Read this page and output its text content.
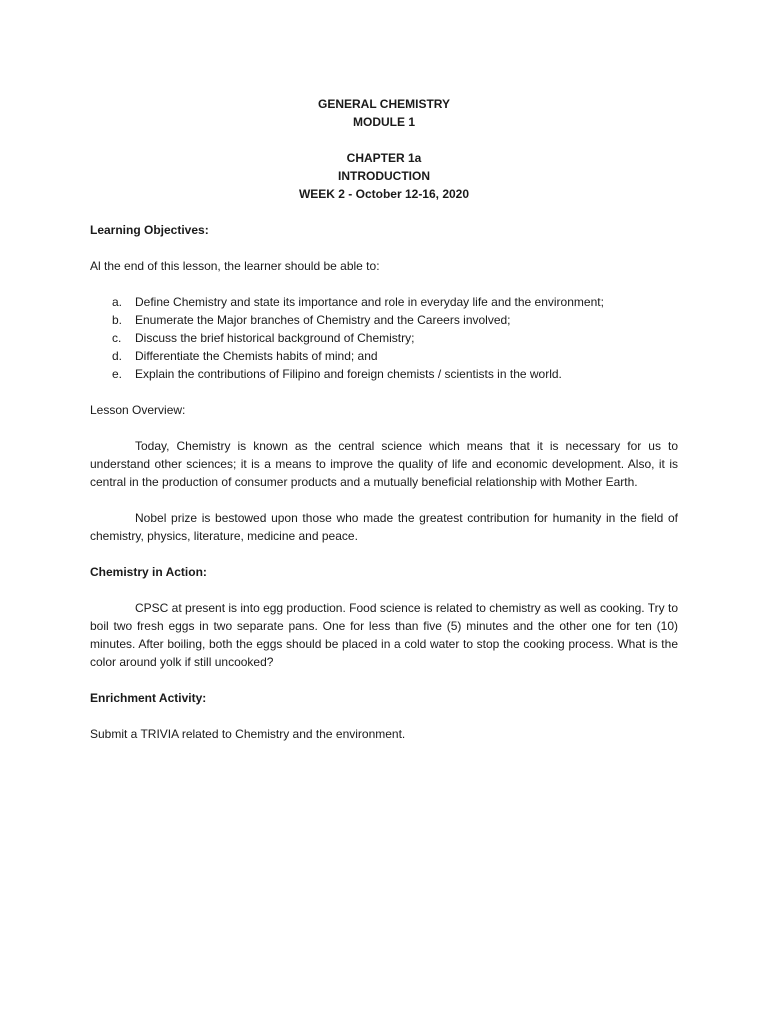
GENERAL CHEMISTRY
MODULE 1
CHAPTER 1a
INTRODUCTION
WEEK 2 - October 12-16, 2020
Learning Objectives:

Al the end of this lesson, the learner should be able to:

a. Define Chemistry and state its importance and role in everyday life and the environment;
b. Enumerate the Major branches of Chemistry and the Careers involved;
c. Discuss the brief historical background of Chemistry;
d. Differentiate the Chemists habits of mind; and
e. Explain the contributions of Filipino and foreign chemists / scientists in the world.
Lesson Overview:

Today, Chemistry is known as the central science which means that it is necessary for us to understand other sciences; it is a means to improve the quality of life and economic development. Also, it is central in the production of consumer products and a mutually beneficial relationship with Mother Earth.

Nobel prize is bestowed upon those who made the greatest contribution for humanity in the field of chemistry, physics, literature, medicine and peace.

Chemistry in Action:

CPSC at present is into egg production. Food science is related to chemistry as well as cooking. Try to boil two fresh eggs in two separate pans. One for less than five (5) minutes and the other one for ten (10) minutes. After boiling, both the eggs should be placed in a cold water to stop the cooking process. What is the color around yolk if still uncooked?

Enrichment Activity:

Submit a TRIVIA related to Chemistry and the environment.
